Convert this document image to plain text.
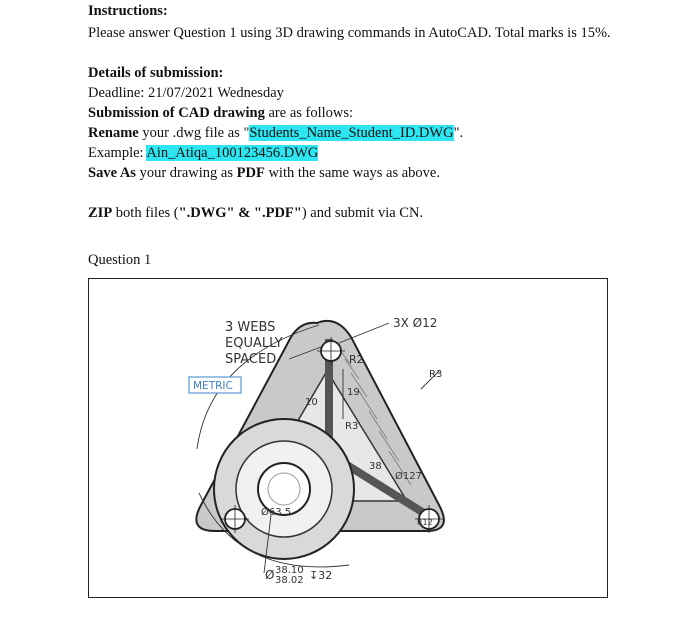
Instructions:
Please answer Question 1 using 3D drawing commands in AutoCAD. Total marks is 15%.
Details of submission:
Deadline: 21/07/2021 Wednesday
Submission of CAD drawing are as follows:
Rename your .dwg file as "Students_Name_Student_ID.DWG".
Example: Ain_Atiqa_100123456.DWG
Save As your drawing as PDF with the same ways as above.
ZIP both files (".DWG" & ".PDF") and submit via CN.
Question 1
3 WEBS
EQUALLY
SPACED
METRIC
3X Ø12
R2
R3
19
10
R3
38
Ø127
Ø63.5
R12
Ø 38.10
38.02 ↧32
